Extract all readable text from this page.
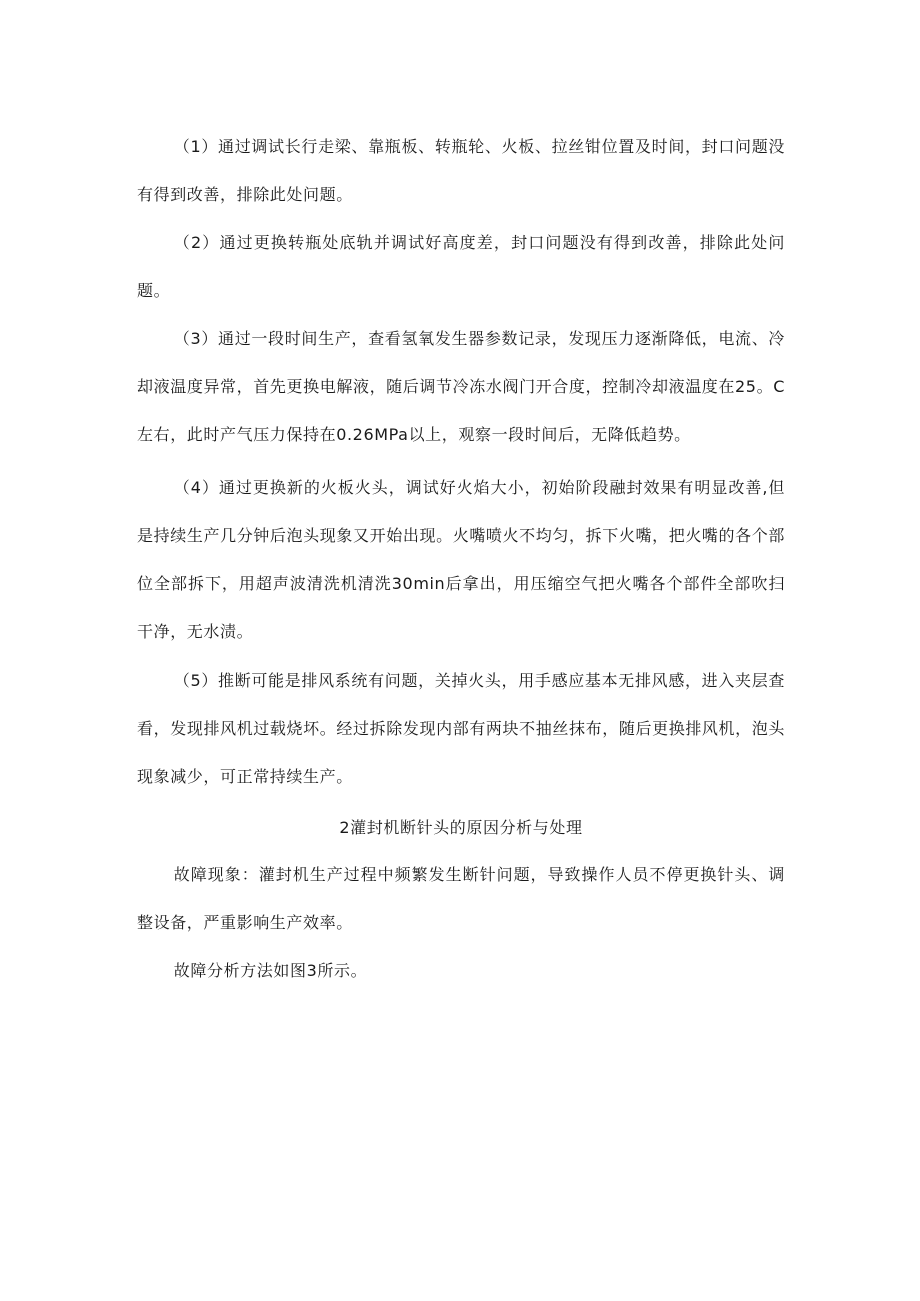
（1）通过调试长行走梁、靠瓶板、转瓶轮、火板、拉丝钳位置及时间，封口问题没有得到改善，排除此处问题。

（2）通过更换转瓶处底轨并调试好高度差，封口问题没有得到改善，排除此处问题。

（3）通过一段时间生产，查看氢氧发生器参数记录，发现压力逐渐降低，电流、冷却液温度异常，首先更换电解液，随后调节冷冻水阀门开合度，控制冷却液温度在25。C左右，此时产气压力保持在0.26MPa以上，观察一段时间后，无降低趋势。

（4）通过更换新的火板火头，调试好火焰大小，初始阶段融封效果有明显改善,但是持续生产几分钟后泡头现象又开始出现。火嘴喷火不均匀，拆下火嘴，把火嘴的各个部位全部拆下，用超声波清洗机清洗30min后拿出，用压缩空气把火嘴各个部件全部吹扫干净，无水渍。

（5）推断可能是排风系统有问题，关掉火头，用手感应基本无排风感，进入夹层查看，发现排风机过载烧坏。经过拆除发现内部有两块不抽丝抹布，随后更换排风机，泡头现象减少，可正常持续生产。

2灌封机断针头的原因分析与处理

故障现象：灌封机生产过程中频繁发生断针问题，导致操作人员不停更换针头、调整设备，严重影响生产效率。

故障分析方法如图3所示。
